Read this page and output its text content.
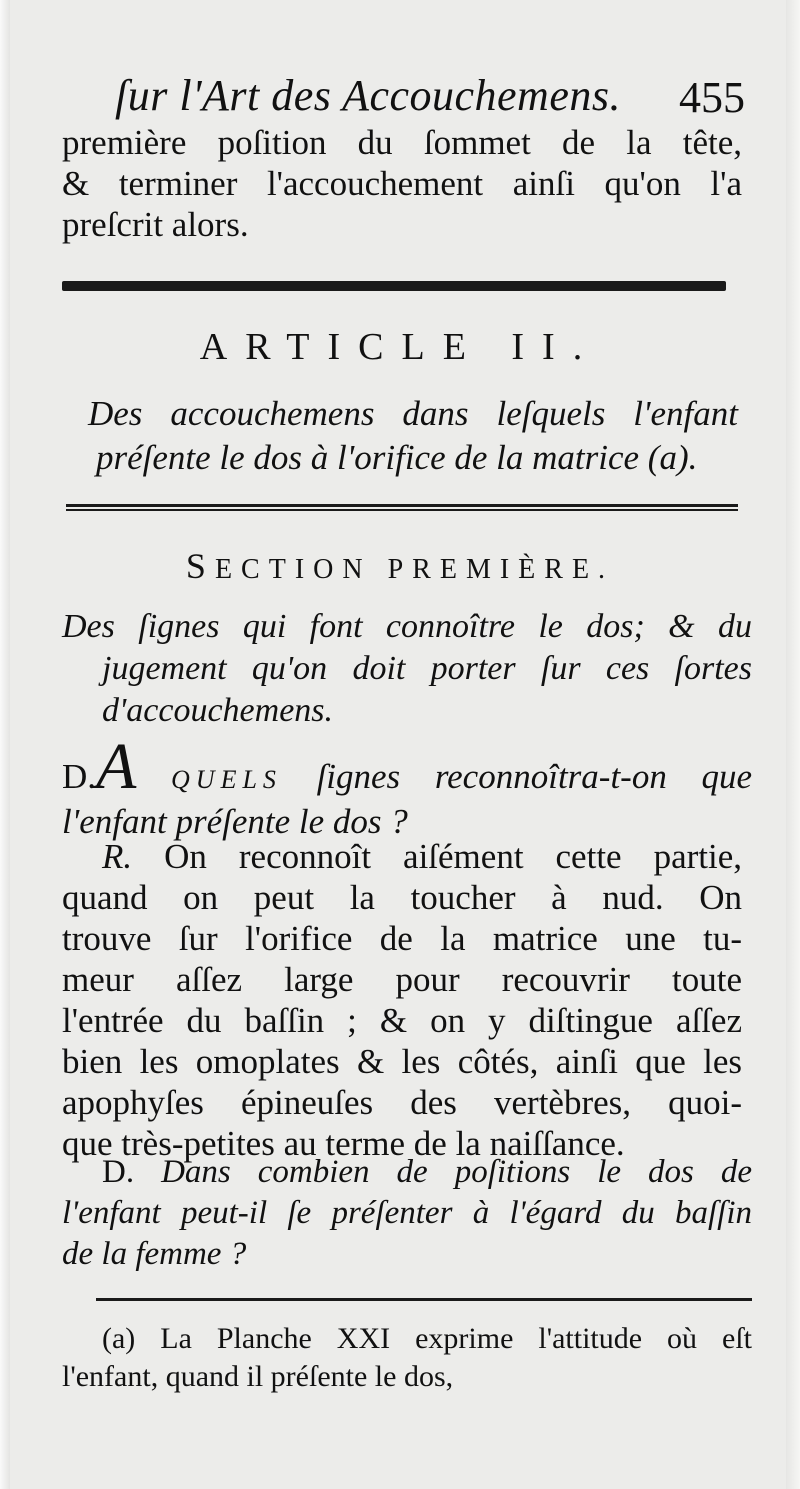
ſur l'Art des Accouchemens. 455
première poſition du ſommet de la tête,
& terminer l'accouchement ainſi qu'on l'a
preſcrit alors.
ARTICLE II.
Des accouchemens dans leſquels l'enfant
préſente le dos à l'orifice de la matrice (a).
SECTION PREMIÈRE.
Des ſignes qui font connoître le dos; & du
jugement qu'on doit porter ſur ces ſortes
d'accouchemens.
D.A QUELS ſignes reconnoîtra-t-on que
l'enfant préſente le dos ?
R. On reconnoît aiſément cette partie,
quand on peut la toucher à nud. On
trouve ſur l'orifice de la matrice une tu-
meur aſſez large pour recouvrir toute
l'entrée du baſſin ; & on y diſtingue aſſez
bien les omoplates & les côtés, ainſi que les
apophyſes épineuſes des vertèbres, quoi-
que très-petites au terme de la naiſſance.
D. Dans combien de poſitions le dos de
l'enfant peut-il ſe préſenter à l'égard du baſſin
de la femme ?
(a) La Planche XXI exprime l'attitude où eſt
l'enfant, quand il préſente le dos,
